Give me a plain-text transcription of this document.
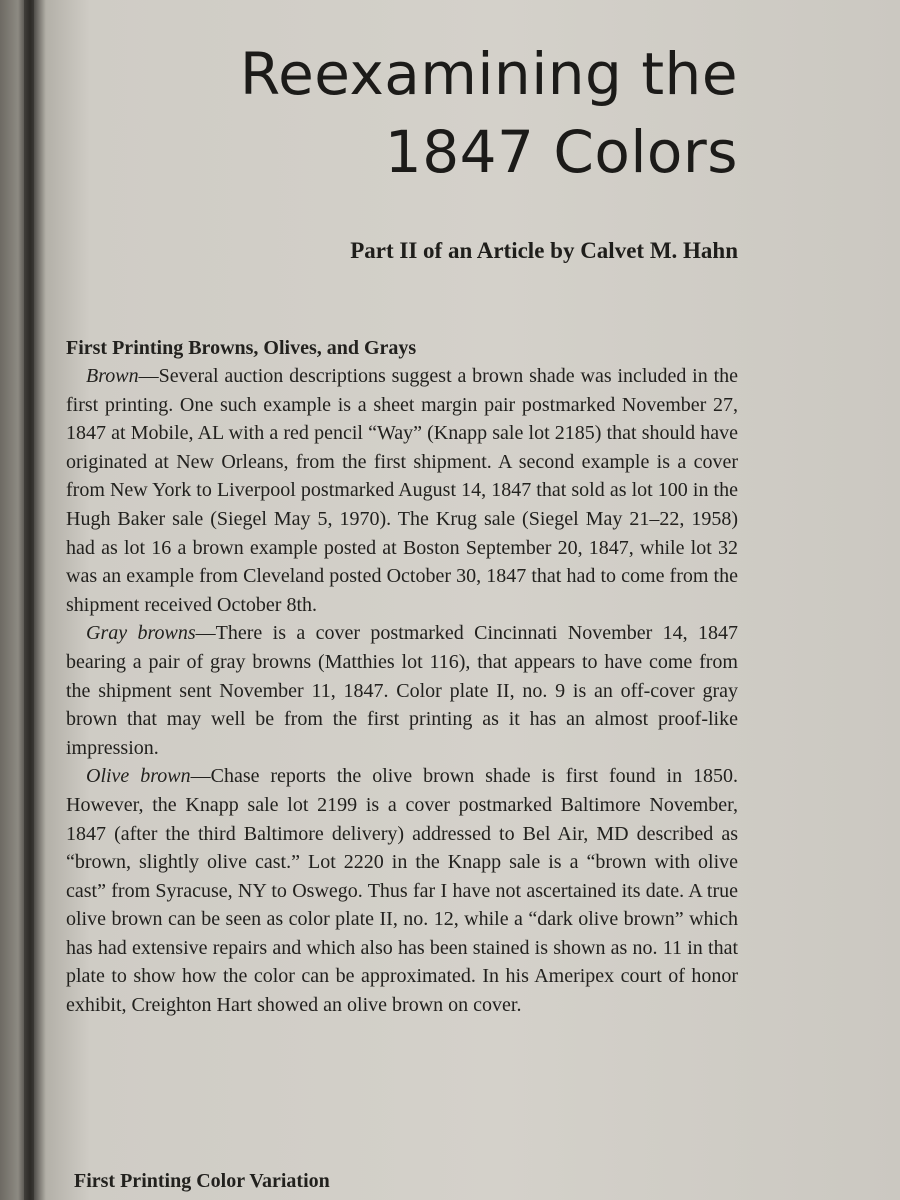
Reexamining the
1847 Colors

Part II of an Article by Calvet M. Hahn

First Printing Browns, Olives, and Grays

Brown—Several auction descriptions suggest a brown shade was included in the first printing. One such example is a sheet margin pair postmarked November 27, 1847 at Mobile, AL with a red pencil “Way” (Knapp sale lot 2185) that should have originated at New Orleans, from the first shipment. A second example is a cover from New York to Liverpool postmarked August 14, 1847 that sold as lot 100 in the Hugh Baker sale (Siegel May 5, 1970). The Krug sale (Siegel May 21–22, 1958) had as lot 16 a brown example posted at Boston September 20, 1847, while lot 32 was an example from Cleveland posted October 30, 1847 that had to come from the shipment received October 8th.

Gray browns—There is a cover postmarked Cincinnati November 14, 1847 bearing a pair of gray browns (Matthies lot 116), that appears to have come from the shipment sent November 11, 1847. Color plate II, no. 9 is an off-cover gray brown that may well be from the first printing as it has an almost proof-like impression.

Olive brown—Chase reports the olive brown shade is first found in 1850. However, the Knapp sale lot 2199 is a cover postmarked Baltimore November, 1847 (after the third Baltimore delivery) addressed to Bel Air, MD described as “brown, slightly olive cast.” Lot 2220 in the Knapp sale is a “brown with olive cast” from Syracuse, NY to Oswego. Thus far I have not ascertained its date. A true olive brown can be seen as color plate II, no. 12, while a “dark olive brown” which has had extensive repairs and which also has been stained is shown as no. 11 in that plate to show how the color can be approximated. In his Ameripex court of honor exhibit, Creighton Hart showed an olive brown on cover.

First Printing Color Variation
